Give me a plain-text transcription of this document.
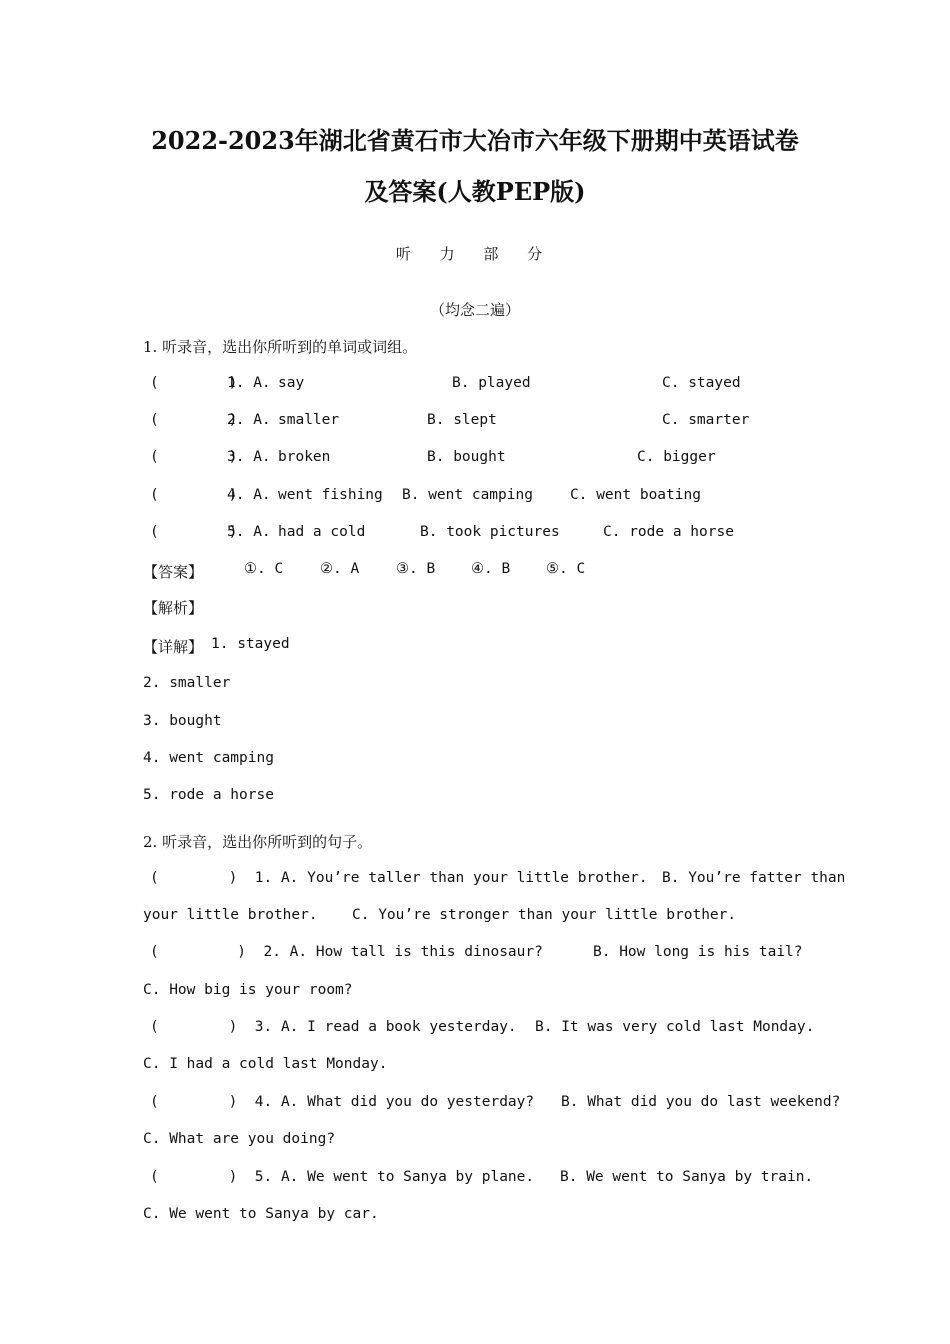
2022-2023年湖北省黄石市大冶市六年级下册期中英语试卷
及答案(人教PEP版)
听 力 部 分
（均念二遍）
1. 听录音，选出你所听到的单词或词组。
(        )
1. A. say	B. played	C. stayed
(        )
2. A. smaller	B. slept	C. smarter
(        )
3. A. broken	B. bought	C. bigger
(        )
4. A. went fishing B. went camping	C. went boating
(        )
5. A. had a cold	B. took pictures	C. rode a horse
【答案】	①. C	②. A	③. B ④. B ⑤. C
【解析】
【详解】 1. stayed
2. smaller
3. bought
4. went camping
5. rode a horse
2. 听录音，选出你所听到的句子。
(        )  1. A. You’re taller than your little brother. B. You’re fatter than
your little brother. C. You’re stronger than your little brother.
(         )  2. A. How tall is this dinosaur?	B. How long is his tail?
C. How big is your room?
(        )  3. A. I read a book yesterday. B. It was very cold last Monday.
C. I had a cold last Monday.
(        )  4. A. What did you do yesterday? B. What did you do last weekend?
C. What are you doing?
(        )  5. A. We went to Sanya by plane. B. We went to Sanya by train.
C. We went to Sanya by car.
